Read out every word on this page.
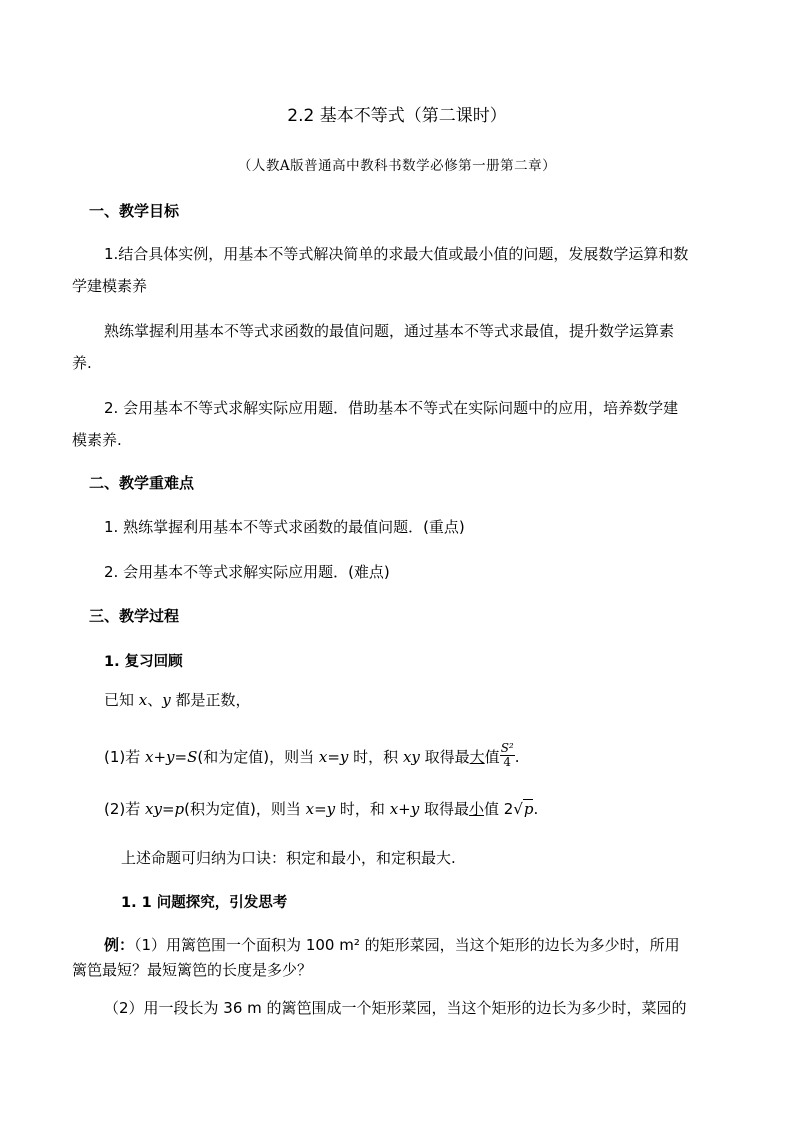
2.2 基本不等式（第二课时）
（人教A版普通高中教科书数学必修第一册第二章）
一、教学目标
1.结合具体实例，用基本不等式解决简单的求最大值或最小值的问题，发展数学运算和数
学建模素养
熟练掌握利用基本不等式求函数的最值问题，通过基本不等式求最值，提升数学运算素
养.
2. 会用基本不等式求解实际应用题．借助基本不等式在实际问题中的应用，培养数学建
模素养.
二、教学重难点
1. 熟练掌握利用基本不等式求函数的最值问题．(重点)
2. 会用基本不等式求解实际应用题．(难点)
三、教学过程
1. 复习回顾
已知 x、y 都是正数，
(1)若 x+y=S(和为定值)，则当 x=y 时，积 xy 取得最大值 $\frac{\text{S²}}{4}$ .
(2)若 xy=p(积为定值)，则当 x=y 时，和 x+y 取得最小值 2√p.
上述命题可归纳为口诀：积定和最小，和定积最大.
1. 1 问题探究，引发思考
例：（1）用篱笆围一个面积为 100 m² 的矩形菜园，当这个矩形的边长为多少时，所用
篱笆最短？最短篱笆的长度是多少？
（2）用一段长为 36 m 的篱笆围成一个矩形菜园，当这个矩形的边长为多少时，菜园的
